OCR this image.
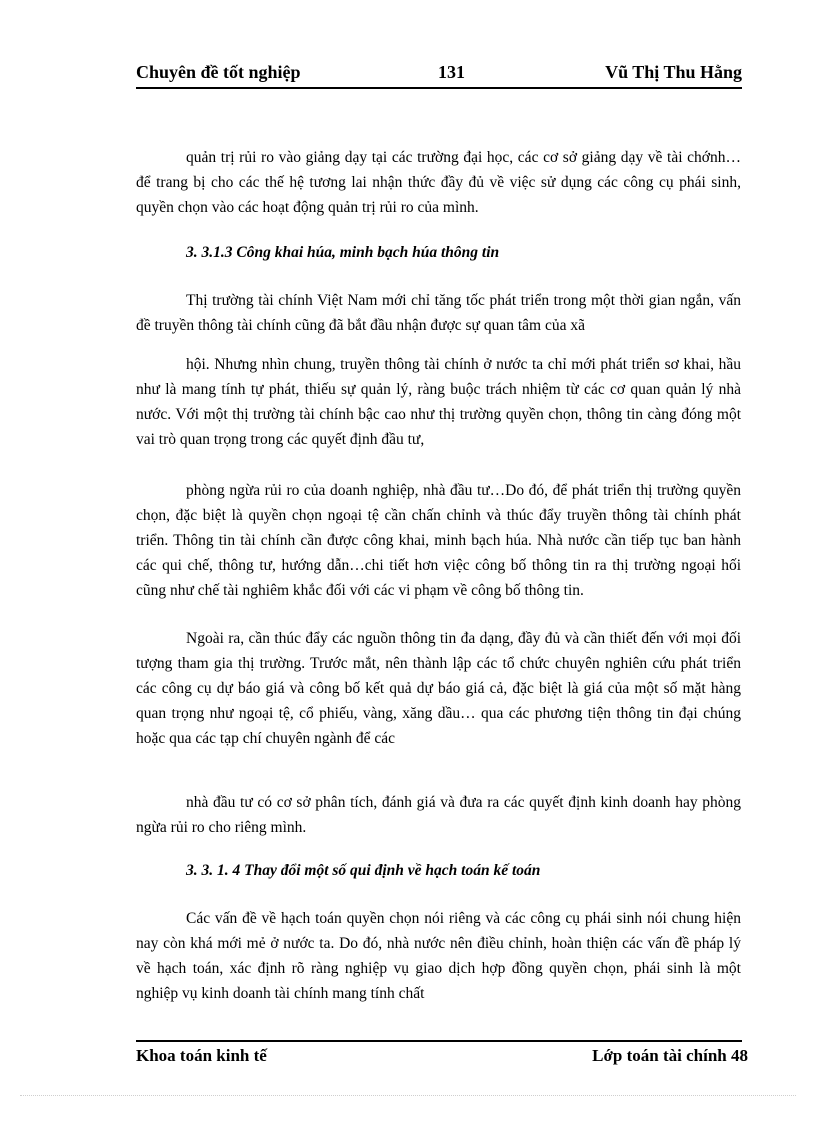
Chuyên đề tốt nghiệp	131	Vũ Thị Thu Hằng
quản trị rủi ro vào giảng dạy tại các trường đại học, các cơ sở giảng dạy về tài chớnh…để trang bị cho các thế hệ tương lai nhận thức đầy đủ về việc sử dụng các công cụ phái sinh, quyền chọn vào các hoạt động quản trị rủi ro của mình.
3. 3.1.3 Công khai húa, minh bạch húa thông tin
Thị trường tài chính Việt Nam mới chỉ tăng tốc phát triển trong một thời gian ngắn, vấn đề truyền thông tài chính cũng đã bắt đầu nhận được sự quan tâm của xã
hội. Nhưng nhìn chung, truyền thông tài chính ở nước ta chỉ mới phát triển sơ khai, hầu như là mang tính tự phát, thiếu sự quản lý, ràng buộc trách nhiệm từ các cơ quan quản lý nhà nước. Với một thị trường tài chính bậc cao như thị trường quyền chọn, thông tin càng đóng một vai trò quan trọng trong các quyết định đầu tư,
phòng ngừa rủi ro của doanh nghiệp, nhà đầu tư…Do đó, để phát triển thị trường quyền chọn, đặc biệt là quyền chọn ngoại tệ cần chấn chỉnh và thúc đẩy truyền thông tài chính phát triển. Thông tin tài chính cần được công khai, minh bạch húa. Nhà nước cần tiếp tục ban hành các qui chế, thông tư, hướng dẫn…chi tiết hơn việc công bố thông tin ra thị trường ngoại hối cũng như chế tài nghiêm khắc đối với các vi phạm về công bố thông tin.
Ngoài ra, cần thúc đẩy các nguồn thông tin đa dạng, đầy đủ và cần thiết đến với mọi đối tượng tham gia thị trường. Trước mắt, nên thành lập các tổ chức chuyên nghiên cứu phát triển các công cụ dự báo giá và công bố kết quả dự báo giá cả, đặc biệt là giá của một số mặt hàng quan trọng như ngoại tệ, cổ phiếu, vàng, xăng dầu… qua các phương tiện thông tin đại chúng hoặc qua các tạp chí chuyên ngành để các
nhà đầu tư có cơ sở phân tích, đánh giá và đưa ra các quyết định kinh doanh hay phòng ngừa rủi ro cho riêng mình.
3. 3. 1. 4 Thay đổi một số qui định về hạch toán kế toán
Các vấn đề về hạch toán quyền chọn nói riêng và các công cụ phái sinh nói chung hiện nay còn khá mới mẻ ở nước ta. Do đó, nhà nước nên điều chỉnh, hoàn thiện các vấn đề pháp lý về hạch toán, xác định rõ ràng nghiệp vụ giao dịch hợp đồng quyền chọn, phái sinh là một nghiệp vụ kinh doanh tài chính mang tính chất
Khoa toán kinh tế	Lớp toán tài chính 48
